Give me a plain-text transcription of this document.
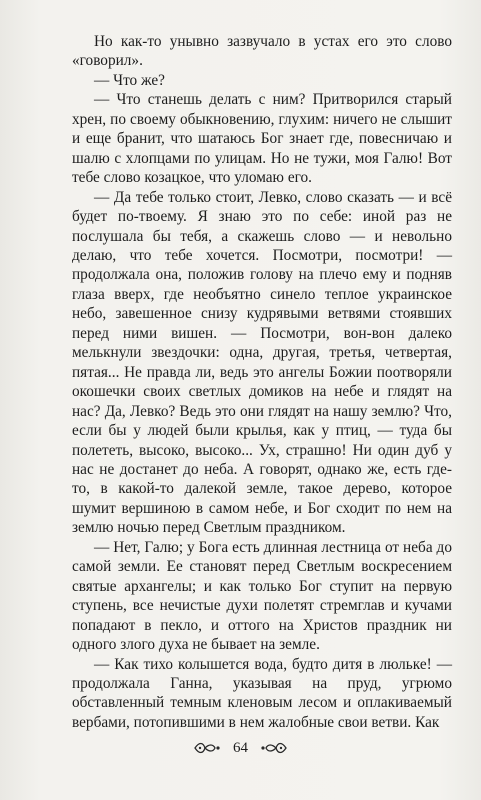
Но как-то унывно зазвучало в устах его это слово «говорил».

— Что же?

— Что станешь делать с ним? Притворился старый хрен, по своему обыкновению, глухим: ничего не слышит и еще бранит, что шатаюсь Бог знает где, повесничаю и шалю с хлопцами по улицам. Но не тужи, моя Галю! Вот тебе слово козацкое, что уломаю его.

— Да тебе только стоит, Левко, слово сказать — и всё будет по-твоему. Я знаю это по себе: иной раз не послушала бы тебя, а скажешь слово — и невольно делаю, что тебе хочется. Посмотри, посмотри! — продолжала она, положив голову на плечо ему и подняв глаза вверх, где необъятно синело теплое украинское небо, завешенное снизу кудрявыми ветвями стоявших перед ними вишен. — Посмотри, вон-вон далеко мелькнули звездочки: одна, другая, третья, четвертая, пятая... Не правда ли, ведь это ангелы Божии поотворяли окошечки своих светлых домиков на небе и глядят на нас? Да, Левко? Ведь это они глядят на нашу землю? Что, если бы у людей были крылья, как у птиц, — туда бы полететь, высоко, высоко... Ух, страшно! Ни один дуб у нас не достанет до неба. А говорят, однако же, есть где-то, в какой-то далекой земле, такое дерево, которое шумит вершиною в самом небе, и Бог сходит по нем на землю ночью перед Светлым праздником.

— Нет, Галю; у Бога есть длинная лестница от неба до самой земли. Ее становят перед Светлым воскресением святые архангелы; и как только Бог ступит на первую ступень, все нечистые духи полетят стремглав и кучами попадают в пекло, и оттого на Христов праздник ни одного злого духа не бывает на земле.

— Как тихо колышется вода, будто дитя в люльке! — продолжала Ганна, указывая на пруд, угрюмо обставленный темным кленовым лесом и оплакиваемый вербами, потопившими в нем жалобные свои ветви. Как

64
